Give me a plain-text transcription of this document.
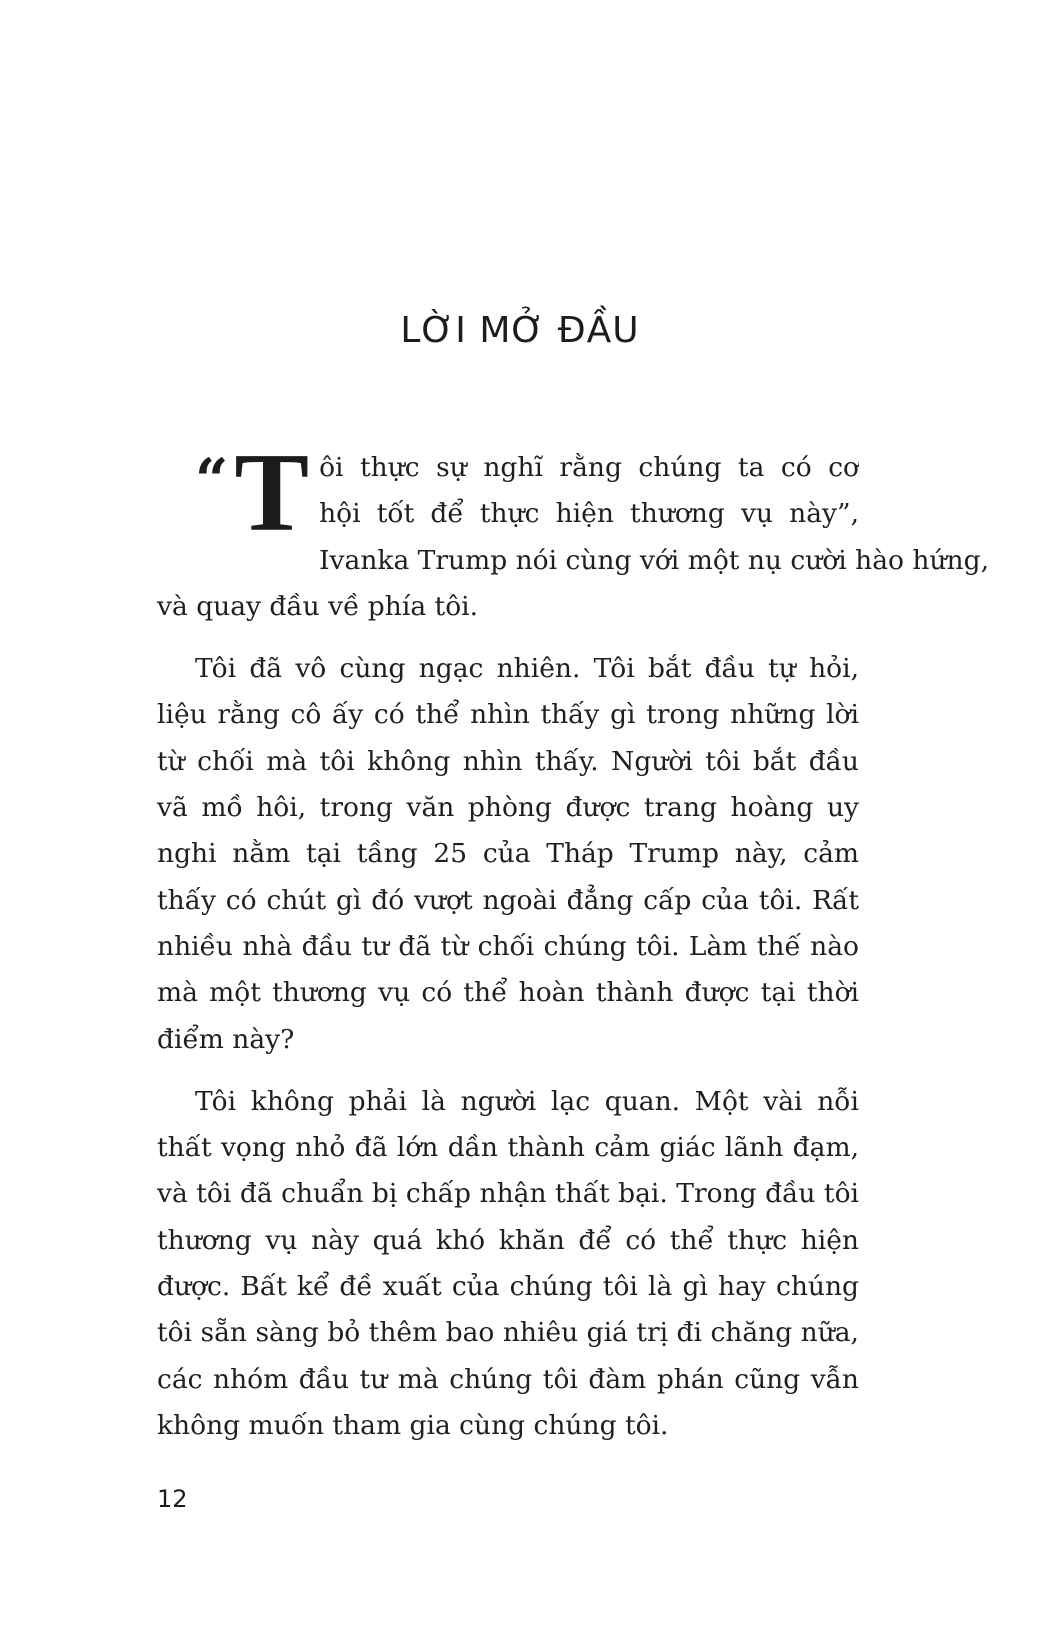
LỜI MỞ ĐẦU
“ T ôi thực sự nghĩ rằng chúng ta có cơ
hội tốt để thực hiện thương vụ này”,
Ivanka Trump nói cùng với một nụ cười hào hứng,
và quay đầu về phía tôi.
Tôi đã vô cùng ngạc nhiên. Tôi bắt đầu tự hỏi,
liệu rằng cô ấy có thể nhìn thấy gì trong những lời
từ chối mà tôi không nhìn thấy. Người tôi bắt đầu
vã mồ hôi, trong văn phòng được trang hoàng uy
nghi nằm tại tầng 25 của Tháp Trump này, cảm
thấy có chút gì đó vượt ngoài đẳng cấp của tôi. Rất
nhiều nhà đầu tư đã từ chối chúng tôi. Làm thế nào
mà một thương vụ có thể hoàn thành được tại thời
điểm này?
Tôi không phải là người lạc quan. Một vài nỗi
thất vọng nhỏ đã lớn dần thành cảm giác lãnh đạm,
và tôi đã chuẩn bị chấp nhận thất bại. Trong đầu tôi
thương vụ này quá khó khăn để có thể thực hiện
được. Bất kể đề xuất của chúng tôi là gì hay chúng
tôi sẵn sàng bỏ thêm bao nhiêu giá trị đi chăng nữa,
các nhóm đầu tư mà chúng tôi đàm phán cũng vẫn
không muốn tham gia cùng chúng tôi.
12
